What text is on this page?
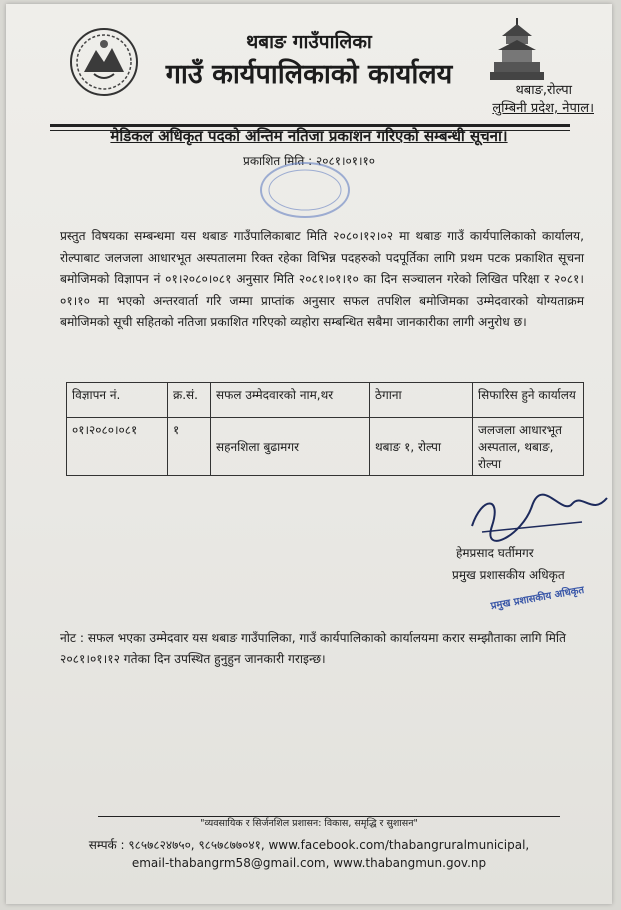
थबाङ गाउँपालिका
गाउँ कार्यपालिकाको कार्यालय
थबाङ,रोल्पा
लुम्बिनी प्रदेश, नेपाल।
मेडिकल अधिकृत पदको अन्तिम नतिजा प्रकाशन गरिएको सम्बन्धी सूचना।
प्रकाशित मिति : २०८१।०१।१०
प्रस्तुत विषयका सम्बन्धमा यस थबाङ गाउँपालिकाबाट मिति २०८०।१२।०२ मा थबाङ गाउँ कार्यपालिकाको कार्यालय, रोल्पाबाट जलजला आधारभूत अस्पतालमा रिक्त रहेका विभिन्न पदहरुको पदपूर्तिका लागि प्रथम पटक प्रकाशित सूचना बमोजिमको विज्ञापन नं ०१।२०८०।०८१ अनुसार मिति २०८१।०१।१० का दिन सञ्चालन गरेको लिखित परिक्षा र २०८१।०१।१० मा भएको अन्तरवार्ता गरि जम्मा प्राप्तांक अनुसार सफल तपशिल बमोजिमका उम्मेदवारको योग्यताक्रम बमोजिमको सूची सहितको नतिजा प्रकाशित गरिएको व्यहोरा सम्बन्धित सबैमा जानकारीका लागी अनुरोध छ।
विज्ञापन नं.	क्र.सं.	सफल उम्मेदवारको नाम,थर	ठेगाना	सिफारिस हुने कार्यालय
०१।२०८०।०८१	१	सहनशिला बुढामगर	थबाङ १, रोल्पा	जलजला आधारभूत अस्पताल, थबाङ, रोल्पा
हेमप्रसाद घर्तीमगर
प्रमुख प्रशासकीय अधिकृत
प्रमुख प्रशासकीय अधिकृत
नोट : सफल भएका उम्मेदवार यस थबाङ गाउँपालिका, गाउँ कार्यपालिकाको कार्यालयमा करार सम्झौताका लागि मिति २०८१।०१।१२ गतेका दिन उपस्थित हुनुहुन जानकारी गराइन्छ।
"व्यवसायिक र सिर्जनशिल प्रशासन: विकास, समृद्धि र सुशासन"
सम्पर्क : ९८५७८२४७५०, ९८५७८७७०४१, www.facebook.com/thabangruralmunicipal,
email-thabangrm58@gmail.com, www.thabangmun.gov.np
